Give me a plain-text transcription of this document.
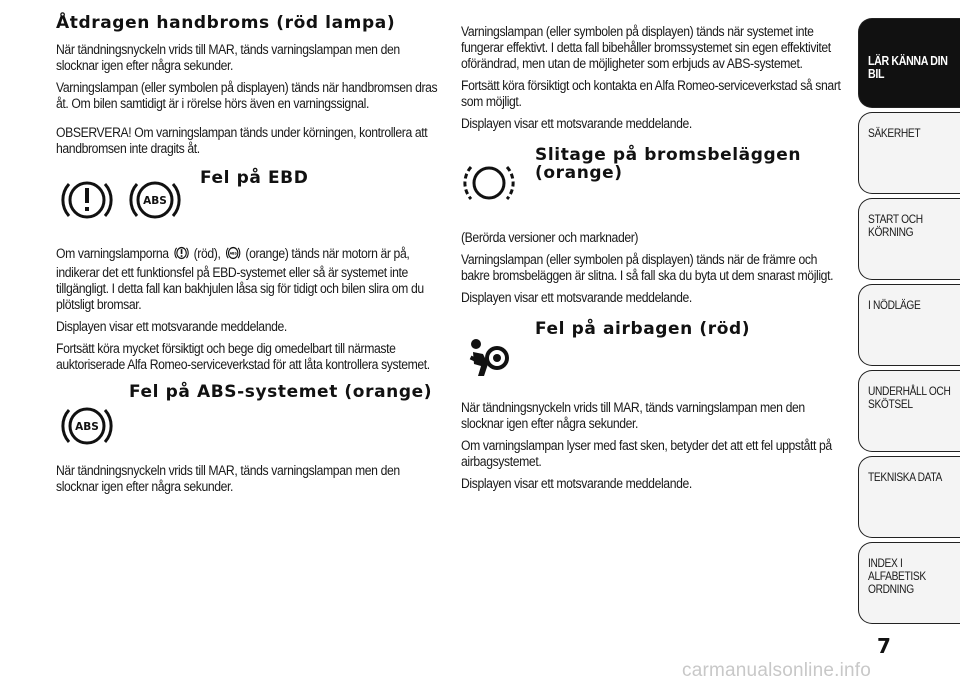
Åtdragen handbroms (röd lampa)
När tändningsnyckeln vrids till MAR, tänds varningslampan men den slocknar igen efter några sekunder.
Varningslampan (eller symbolen på displayen) tänds när handbromsen dras åt. Om bilen samtidigt är i rörelse hörs även en varningssignal.
OBSERVERA! Om varningslampan tänds under körningen, kontrollera att handbromsen inte dragits åt.
ABS
Fel på EBD
Om varningslamporna (röd), ABS (orange) tänds när motorn är på, indikerar det ett funktionsfel på EBD-systemet eller så är systemet inte tillgängligt. I detta fall kan bakhjulen låsa sig för tidigt och bilen slira om du plötsligt bromsar.
Displayen visar ett motsvarande meddelande.
Fortsätt köra mycket försiktigt och bege dig omedelbart till närmaste auktoriserade Alfa Romeo-serviceverkstad för att låta kontrollera systemet.
ABS
Fel på ABS-systemet (orange)
När tändningsnyckeln vrids till MAR, tänds varningslampan men den slocknar igen efter några sekunder.
Varningslampan (eller symbolen på displayen) tänds när systemet inte fungerar effektivt. I detta fall bibehåller bromssystemet sin egen effektivitet oförändrad, men utan de möjligheter som erbjuds av ABS-systemet.
Fortsätt köra försiktigt och kontakta en Alfa Romeo-serviceverkstad så snart som möjligt.
Displayen visar ett motsvarande meddelande.
Slitage på bromsbeläggen (orange)
(Berörda versioner och marknader)
Varningslampan (eller symbolen på displayen) tänds när de främre och bakre bromsbeläggen är slitna. I så fall ska du byta ut dem snarast möjligt.
Displayen visar ett motsvarande meddelande.
Fel på airbagen (röd)
När tändningsnyckeln vrids till MAR, tänds varningslampan men den slocknar igen efter några sekunder.
Om varningslampan lyser med fast sken, betyder det att ett fel uppstått på airbagsystemet.
Displayen visar ett motsvarande meddelande.
LÄR KÄNNA DIN BIL
SÄKERHET
START OCH KÖRNING
I NÖDLÄGE
UNDERHÅLL OCH SKÖTSEL
TEKNISKA DATA
INDEX I ALFABETISK ORDNING
7
carmanualsonline.info
